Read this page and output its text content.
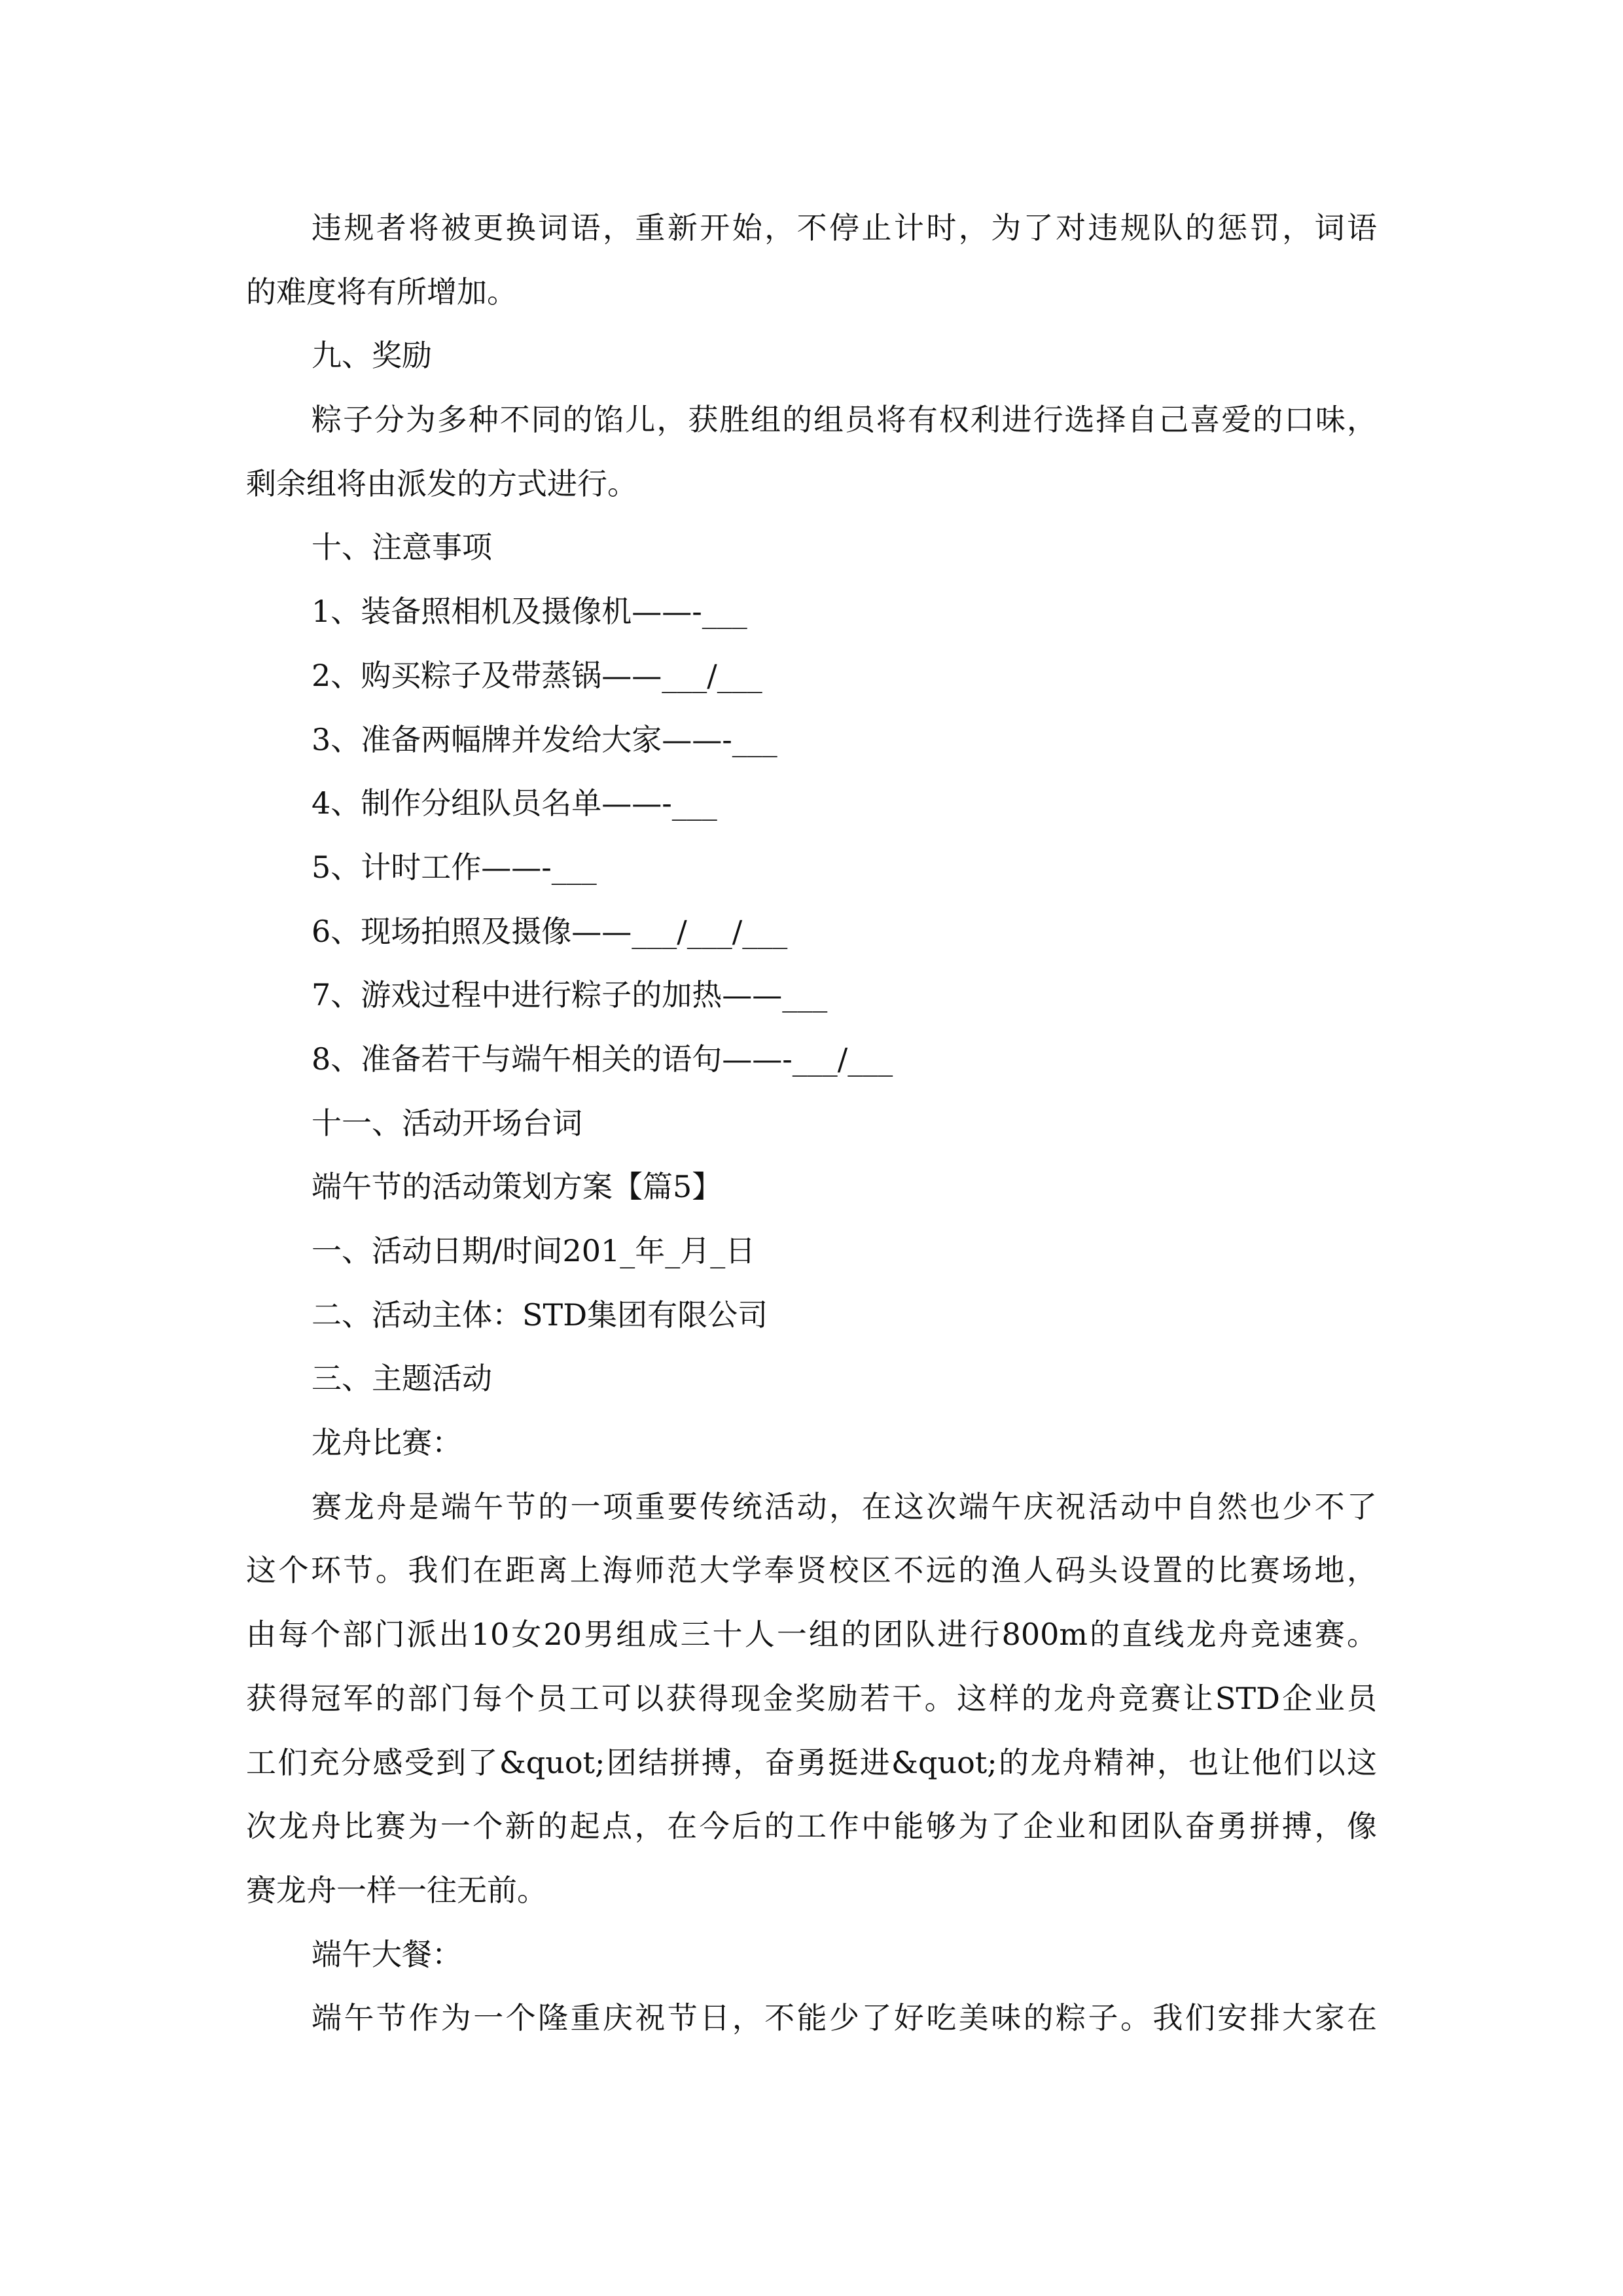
违规者将被更换词语，重新开始，不停止计时，为了对违规队的惩罚，词语
的难度将有所增加。
九、奖励
粽子分为多种不同的馅儿，获胜组的组员将有权利进行选择自己喜爱的口味，
剩余组将由派发的方式进行。
十、注意事项
1、装备照相机及摄像机——-___
2、购买粽子及带蒸锅——___/___
3、准备两幅牌并发给大家——-___
4、制作分组队员名单——-___
5、计时工作——-___
6、现场拍照及摄像——___/___/___
7、游戏过程中进行粽子的加热——___
8、准备若干与端午相关的语句——-___/___
十一、活动开场台词
端午节的活动策划方案【篇5】
一、活动日期/时间201_年_月_日
二、活动主体：STD集团有限公司
三、主题活动
龙舟比赛：
赛龙舟是端午节的一项重要传统活动，在这次端午庆祝活动中自然也少不了
这个环节。我们在距离上海师范大学奉贤校区不远的渔人码头设置的比赛场地，
由每个部门派出10女20男组成三十人一组的团队进行800m的直线龙舟竞速赛。
获得冠军的部门每个员工可以获得现金奖励若干。这样的龙舟竞赛让STD企业员
工们充分感受到了&quot;团结拼搏，奋勇挺进&quot;的龙舟精神，也让他们以这
次龙舟比赛为一个新的起点，在今后的工作中能够为了企业和团队奋勇拼搏，像
赛龙舟一样一往无前。
端午大餐：
端午节作为一个隆重庆祝节日，不能少了好吃美味的粽子。我们安排大家在
